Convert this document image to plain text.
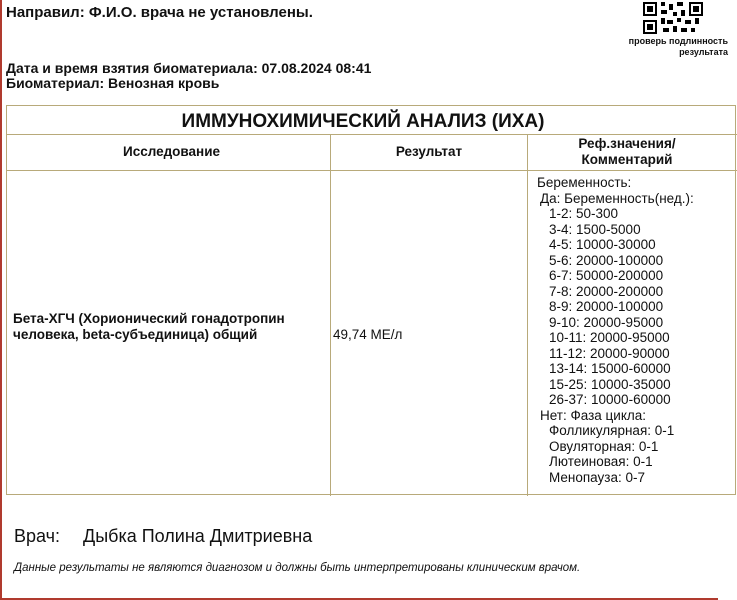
Направил: Ф.И.О. врача не установлены.
проверь подлинность
результата
Дата и время взятия биоматериала: 07.08.2024 08:41
Биоматериал: Венозная кровь
ИММУНОХИМИЧЕСКИЙ АНАЛИЗ (ИХА)
Исследование	Результат
Реф.значения/
Комментарий
Бета-ХГЧ (Хорионический гонадотропин
человека, beta-субъединица) общий	49,74 МЕ/л
Беременность:
Да: Беременность(нед.):
1-2: 50-300
3-4: 1500-5000
4-5: 10000-30000
5-6: 20000-100000
6-7: 50000-200000
7-8: 20000-200000
8-9: 20000-100000
9-10: 20000-95000
10-11: 20000-95000
11-12: 20000-90000
13-14: 15000-60000
15-25: 10000-35000
26-37: 10000-60000
Нет: Фаза цикла:
Фолликулярная: 0-1
Овуляторная: 0-1
Лютеиновая: 0-1
Менопауза: 0-7
Врач: Дыбка Полина Дмитриевна
Данные результаты не являются диагнозом и должны быть интерпретированы клиническим врачом.
